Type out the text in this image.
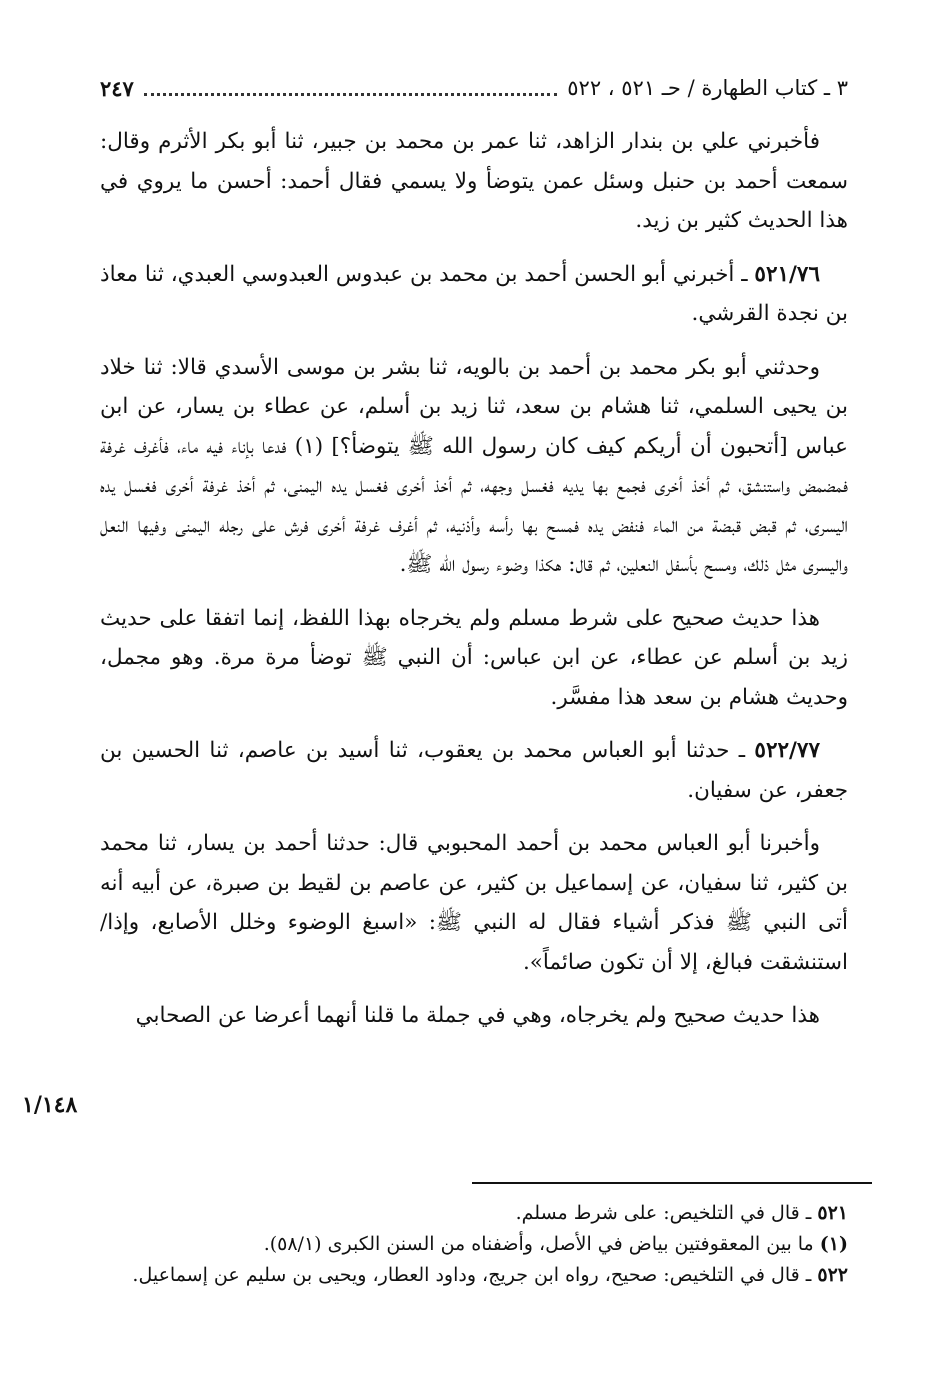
٣ ـ كتاب الطهارة / حـ ٥٢١ ، ٥٢٢
٢٤٧

فأخبرني علي بن بندار الزاهد، ثنا عمر بن محمد بن جبير، ثنا أبو بكر الأثرم وقال: سمعت أحمد بن حنبل وسئل عمن يتوضأ ولا يسمي فقال أحمد: أحسن ما يروي في هذا الحديث كثير بن زيد.

٥٢١/٧٦ ـ أخبرني أبو الحسن أحمد بن محمد بن عبدوس العبدوسي العبدي، ثنا معاذ بن نجدة القرشي.

وحدثني أبو بكر محمد بن أحمد بن بالويه، ثنا بشر بن موسى الأسدي قالا: ثنا خلاد بن يحيى السلمي، ثنا هشام بن سعد، ثنا زيد بن أسلم، عن عطاء بن يسار، عن ابن عباس [أتحبون أن أريكم كيف كان رسول الله ﷺ يتوضأ؟] (١) فدعا بإناء فيه ماء، فأغرف غرفة فمضمض واستنشق، ثم أخذ أخرى فجمع بها يديه فغسل وجهه، ثم أخذ أخرى فغسل يده اليمنى، ثم أخذ غرفة أخرى فغسل يده اليسرى، ثم قبض قبضة من الماء فنفض يده فمسح بها رأسه وأذنيه، ثم أغرف غرفة أخرى فرش على رجله اليمنى وفيها النعل واليسرى مثل ذلك، ومسح بأسفل النعلين، ثم قال: هكذا وضوء رسول الله ﷺ.

هذا حديث صحيح على شرط مسلم ولم يخرجاه بهذا اللفظ، إنما اتفقا على حديث زيد بن أسلم عن عطاء، عن ابن عباس: أن النبي ﷺ توضأ مرة مرة. وهو مجمل، وحديث هشام بن سعد هذا مفسَّر.

٥٢٢/٧٧ ـ حدثنا أبو العباس محمد بن يعقوب، ثنا أسيد بن عاصم، ثنا الحسين بن جعفر، عن سفيان.

وأخبرنا أبو العباس محمد بن أحمد المحبوبي قال: حدثنا أحمد بن يسار، ثنا محمد بن كثير، ثنا سفيان، عن إسماعيل بن كثير، عن عاصم بن لقيط بن صبرة، عن أبيه أنه أتى النبي ﷺ فذكر أشياء فقال له النبي ﷺ: «اسبغ الوضوء وخلل الأصابع، وإذا/ استنشقت فبالغ، إلا أن تكون صائماً».

هذا حديث صحيح ولم يخرجاه، وهي في جملة ما قلنا أنهما أعرضا عن الصحابي

١/١٤٨
٥٢١ ـ قال في التلخيص: على شرط مسلم.
(١) ما بين المعقوفتين بياض في الأصل، وأضفناه من السنن الكبرى (٥٨/١).
٥٢٢ ـ قال في التلخيص: صحيح، رواه ابن جريج، وداود العطار، ويحيى بن سليم عن إسماعيل.
